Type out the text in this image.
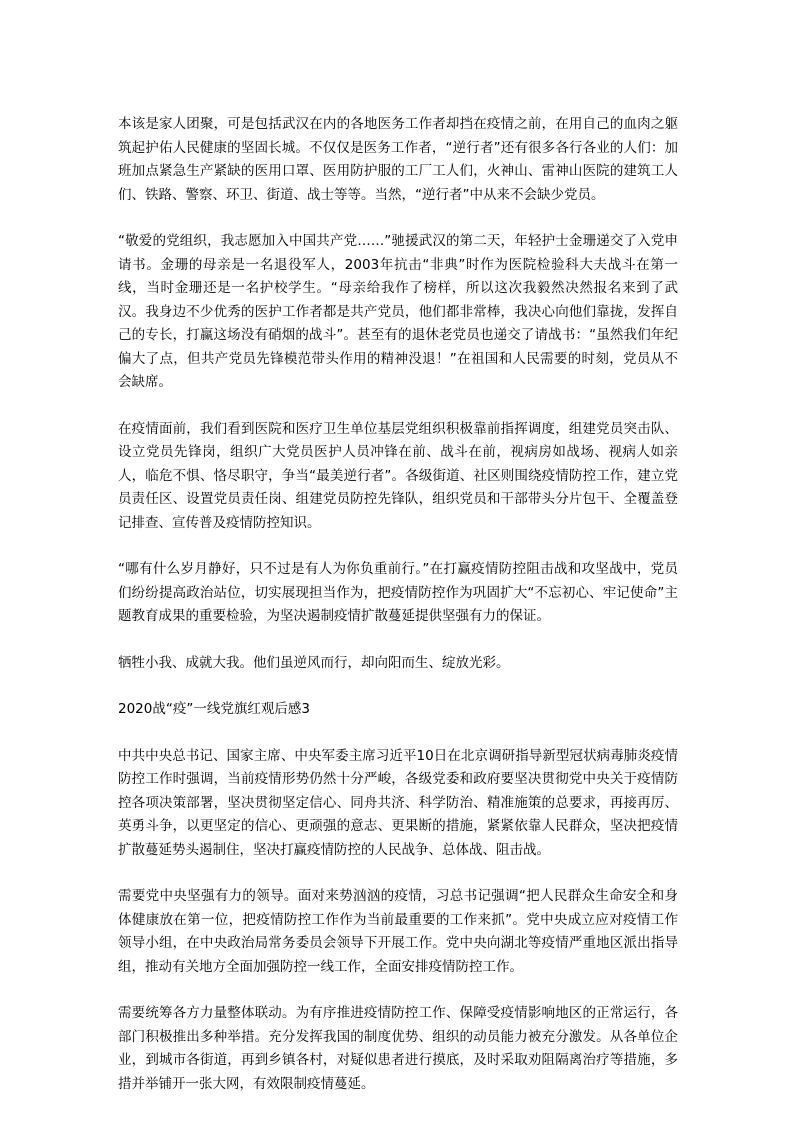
本该是家人团聚，可是包括武汉在内的各地医务工作者却挡在疫情之前，在用自己的血肉之躯筑起护佑人民健康的坚固长城。不仅仅是医务工作者，“逆行者”还有很多各行各业的人们：加班加点紧急生产紧缺的医用口罩、医用防护服的工厂工人们，火神山、雷神山医院的建筑工人们、铁路、警察、环卫、街道、战士等等。当然，“逆行者”中从来不会缺少党员。

“敬爱的党组织，我志愿加入中国共产党……”驰援武汉的第二天，年轻护士金珊递交了入党申请书。金珊的母亲是一名退役军人，2003年抗击“非典”时作为医院检验科大夫战斗在第一线，当时金珊还是一名护校学生。“母亲给我作了榜样，所以这次我毅然决然报名来到了武汉。我身边不少优秀的医护工作者都是共产党员，他们都非常棒，我决心向他们靠拢，发挥自己的专长，打赢这场没有硝烟的战斗”。甚至有的退休老党员也递交了请战书：“虽然我们年纪偏大了点，但共产党员先锋模范带头作用的精神没退！”在祖国和人民需要的时刻，党员从不会缺席。

在疫情面前，我们看到医院和医疗卫生单位基层党组织积极靠前指挥调度，组建党员突击队、设立党员先锋岗，组织广大党员医护人员冲锋在前、战斗在前，视病房如战场、视病人如亲人，临危不惧、恪尽职守，争当“最美逆行者”。各级街道、社区则围绕疫情防控工作，建立党员责任区、设置党员责任岗、组建党员防控先锋队，组织党员和干部带头分片包干、全覆盖登记排查、宣传普及疫情防控知识。

“哪有什么岁月静好，只不过是有人为你负重前行。”在打赢疫情防控阻击战和攻坚战中，党员们纷纷提高政治站位，切实展现担当作为，把疫情防控作为巩固扩大“不忘初心、牢记使命”主题教育成果的重要检验，为坚决遏制疫情扩散蔓延提供坚强有力的保证。

牺牲小我、成就大我。他们虽逆风而行，却向阳而生、绽放光彩。

2020战“疫”一线党旗红观后感3

中共中央总书记、国家主席、中央军委主席习近平10日在北京调研指导新型冠状病毒肺炎疫情防控工作时强调，当前疫情形势仍然十分严峻，各级党委和政府要坚决贯彻党中央关于疫情防控各项决策部署，坚决贯彻坚定信心、同舟共济、科学防治、精准施策的总要求，再接再厉、英勇斗争，以更坚定的信心、更顽强的意志、更果断的措施，紧紧依靠人民群众，坚决把疫情扩散蔓延势头遏制住，坚决打赢疫情防控的人民战争、总体战、阻击战。

需要党中央坚强有力的领导。面对来势汹汹的疫情，习总书记强调“把人民群众生命安全和身体健康放在第一位，把疫情防控工作作为当前最重要的工作来抓”。党中央成立应对疫情工作领导小组，在中央政治局常务委员会领导下开展工作。党中央向湖北等疫情严重地区派出指导组，推动有关地方全面加强防控一线工作，全面安排疫情防控工作。

需要统筹各方力量整体联动。为有序推进疫情防控工作、保障受疫情影响地区的正常运行，各部门积极推出多种举措。充分发挥我国的制度优势、组织的动员能力被充分激发。从各单位企业，到城市各街道，再到乡镇各村，对疑似患者进行摸底，及时采取劝阻隔离治疗等措施，多措并举铺开一张大网，有效限制疫情蔓延。
